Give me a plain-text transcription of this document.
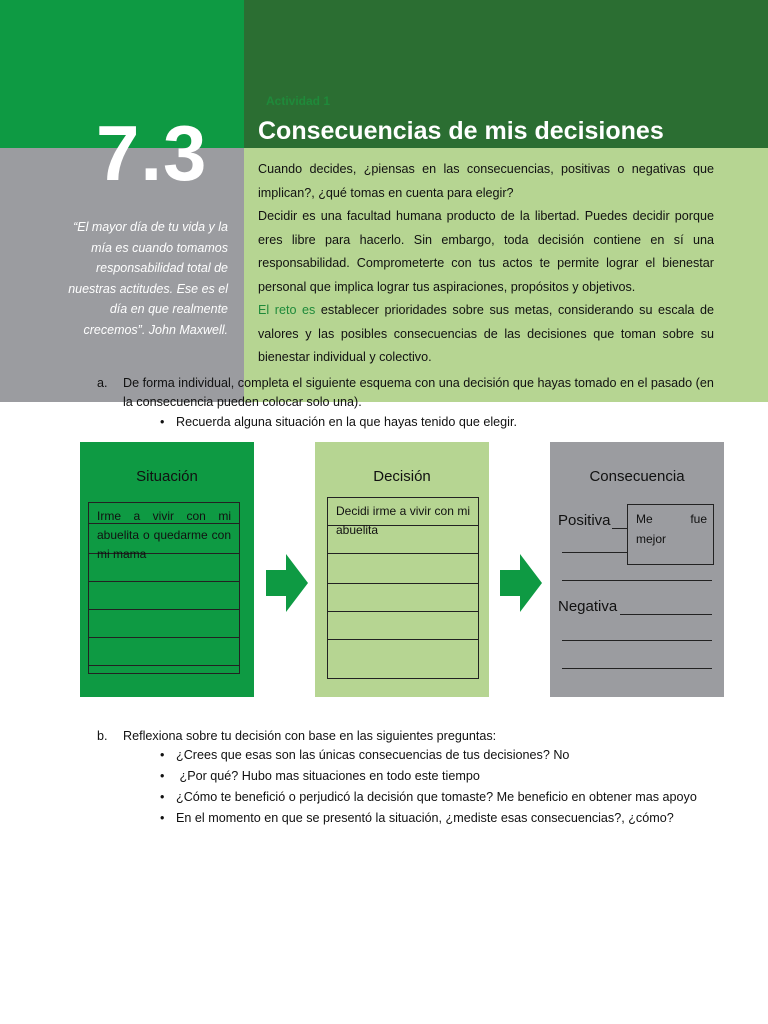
7.3
Actividad 1
Consecuencias de mis decisiones
“El mayor día de tu vida y la mía es cuando tomamos responsabilidad total de nuestras actitudes. Ese es el día en que realmente crecemos”. John Maxwell.

Cuando decides, ¿piensas en las consecuencias, positivas o negativas que implican?, ¿qué tomas en cuenta para elegir?

Decidir es una facultad humana producto de la libertad. Puedes decidir porque eres libre para hacerlo. Sin embargo, toda decisión contiene en sí una responsabilidad. Comprometerte con tus actos te permite lograr el bienestar personal que implica lograr tus aspiraciones, propósitos y objetivos.

El reto es establecer prioridades sobre sus metas, considerando su escala de valores y las posibles consecuencias de las decisiones que toman sobre su bienestar individual y colectivo.

a. De forma individual, completa el siguiente esquema con una decisión que hayas tomado en el pasado (en la consecuencia pueden colocar solo una).
• Recuerda alguna situación en la que hayas tenido que elegir.
Situación
Irme a vivir con mi abuelita o quedarme con mi mama
Decisión
Decidi irme a vivir con mi abuelita
Consecuencia
Positiva	Me fue
mejor
Negativa
b. Reflexiona sobre tu decisión con base en las siguientes preguntas:
• ¿Crees que esas son las únicas consecuencias de tus decisiones? No
• ¿Por qué? Hubo mas situaciones en todo este tiempo
• ¿Cómo te benefició o perjudicó la decisión que tomaste? Me beneficio en obtener mas apoyo
• En el momento en que se presentó la situación, ¿mediste esas consecuencias?, ¿cómo?
